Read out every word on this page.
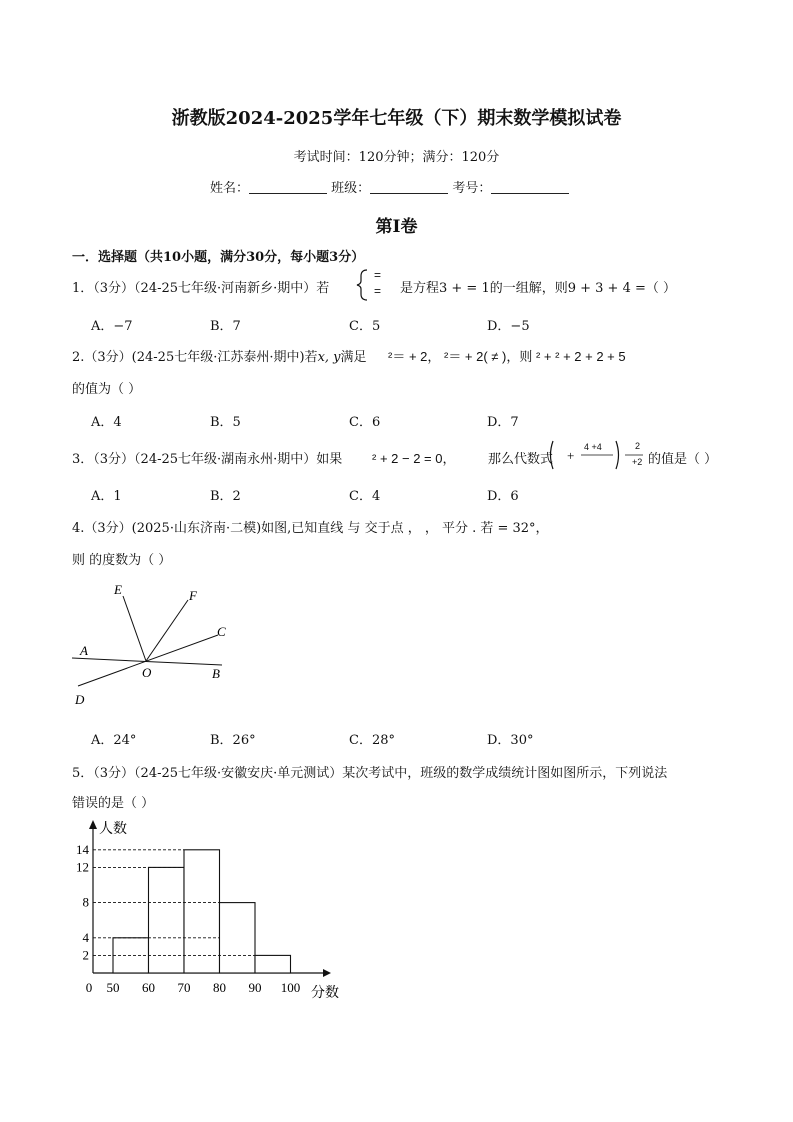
浙教版2024-2025学年七年级（下）期末数学模拟试卷
考试时间：120分钟；满分：120分
姓名：	班级：	考号：
第I卷
一．选择题（共10小题，满分30分，每小题3分）
1．（3分）（24-25七年级·河南新乡·期中）若
=
= 是方程3 + = 1的一组解，则9 + 3 + 4 =（ ）
A．−7	B．7	C．5	D．−5
2.（3分）(24-25七年级·江苏泰州·期中)若x, y满足 ²＝ + 2， ²＝ + 2( ≠ )，则 ² + ² + 2 + 2 + 5
的值为（ ）
A．4	B．5	C．6	D．7
3．（3分）（24-25七年级·湖南永州·期中）如果 ² + 2 − 2 = 0，	那么代数式 +
4 +4	2
+2 的值是（ ）
A．1	B．2	C．4	D．6
4.（3分）(2025·山东济南·二模)如图,已知直线 与 交于点 ， ， 平分 . 若 = 32°，
则 的度数为（ ）
E	F
C
A
O	B
D
A．24°	B．26°	C．28°	D．30°
5．（3分）（24-25七年级·安徽安庆·单元测试）某次考试中，班级的数学成绩统计图如图所示，下列说法
错误的是（ ）
人数
分数
2
4
8
12
14
0 50 60 70 80 90 100
